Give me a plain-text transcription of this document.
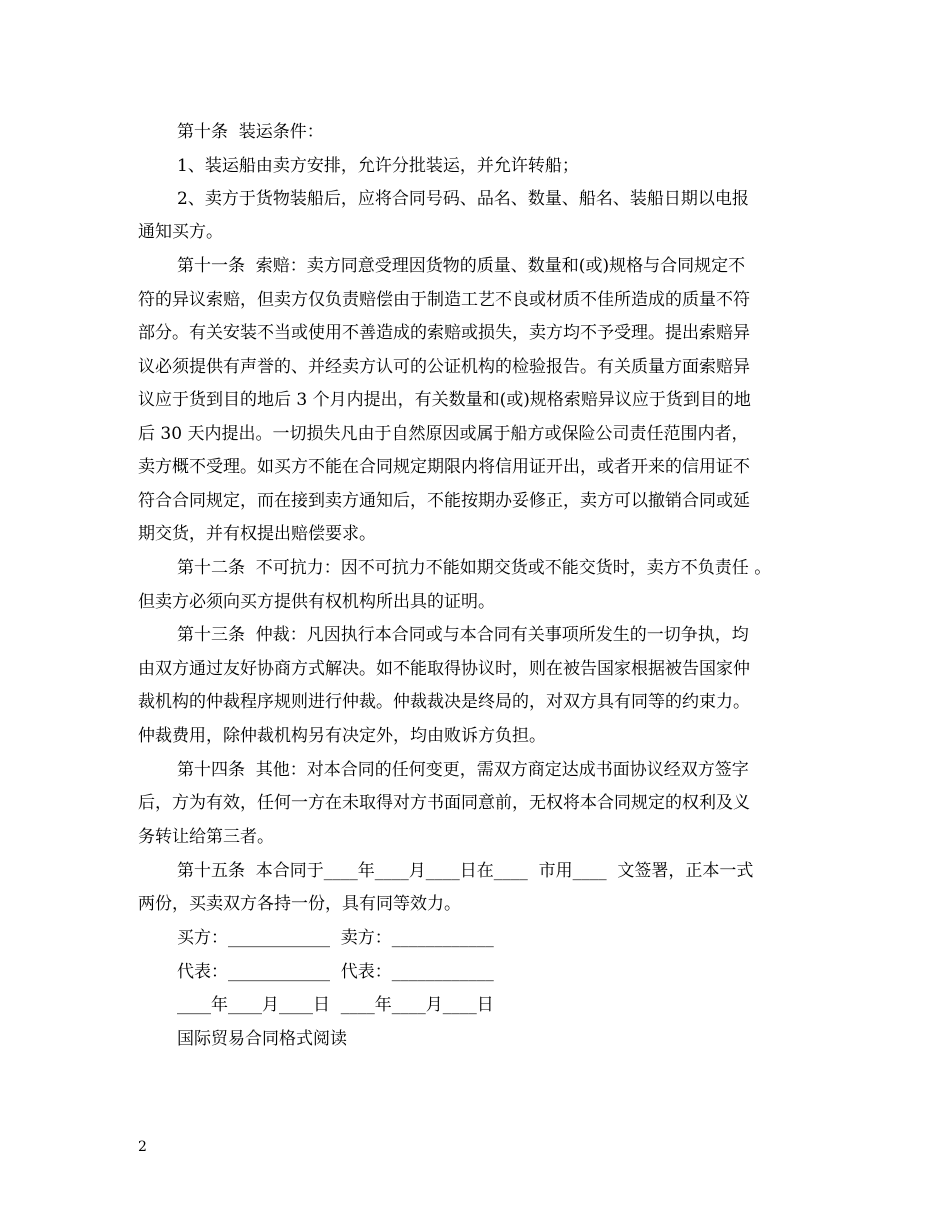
第十条  装运条件：
1、装运船由卖方安排，允许分批装运，并允许转船；
2、卖方于货物装船后，应将合同号码、品名、数量、船名、装船日期以电报
通知买方。
第十一条  索赔：卖方同意受理因货物的质量、数量和(或)规格与合同规定不
符的异议索赔，但卖方仅负责赔偿由于制造工艺不良或材质不佳所造成的质量不符
部分。有关安装不当或使用不善造成的索赔或损失，卖方均不予受理。提出索赔异
议必须提供有声誉的、并经卖方认可的公证机构的检验报告。有关质量方面索赔异
议应于货到目的地后 3 个月内提出，有关数量和(或)规格索赔异议应于货到目的地
后 30 天内提出。一切损失凡由于自然原因或属于船方或保险公司责任范围内者，
卖方概不受理。如买方不能在合同规定期限内将信用证开出，或者开来的信用证不
符合合同规定，而在接到卖方通知后，不能按期办妥修正，卖方可以撤销合同或延
期交货，并有权提出赔偿要求。
第十二条  不可抗力：因不可抗力不能如期交货或不能交货时，卖方不负责任 。
但卖方必须向买方提供有权机构所出具的证明。
第十三条  仲裁：凡因执行本合同或与本合同有关事项所发生的一切争执，均
由双方通过友好协商方式解决。如不能取得协议时，则在被告国家根据被告国家仲
裁机构的仲裁程序规则进行仲裁。仲裁裁决是终局的，对双方具有同等的约束力。
仲裁费用，除仲裁机构另有决定外，均由败诉方负担。
第十四条  其他：对本合同的任何变更，需双方商定达成书面协议经双方签字
后，方为有效，任何一方在未取得对方书面同意前，无权将本合同规定的权利及义
务转让给第三者。
第十五条  本合同于____年____月____日在____  市用____  文签署，正本一式
两份，买卖双方各持一份，具有同等效力。
买方：____________  卖方：____________
代表：____________  代表：____________
____年____月____日  ____年____月____日
国际贸易合同格式阅读
2
